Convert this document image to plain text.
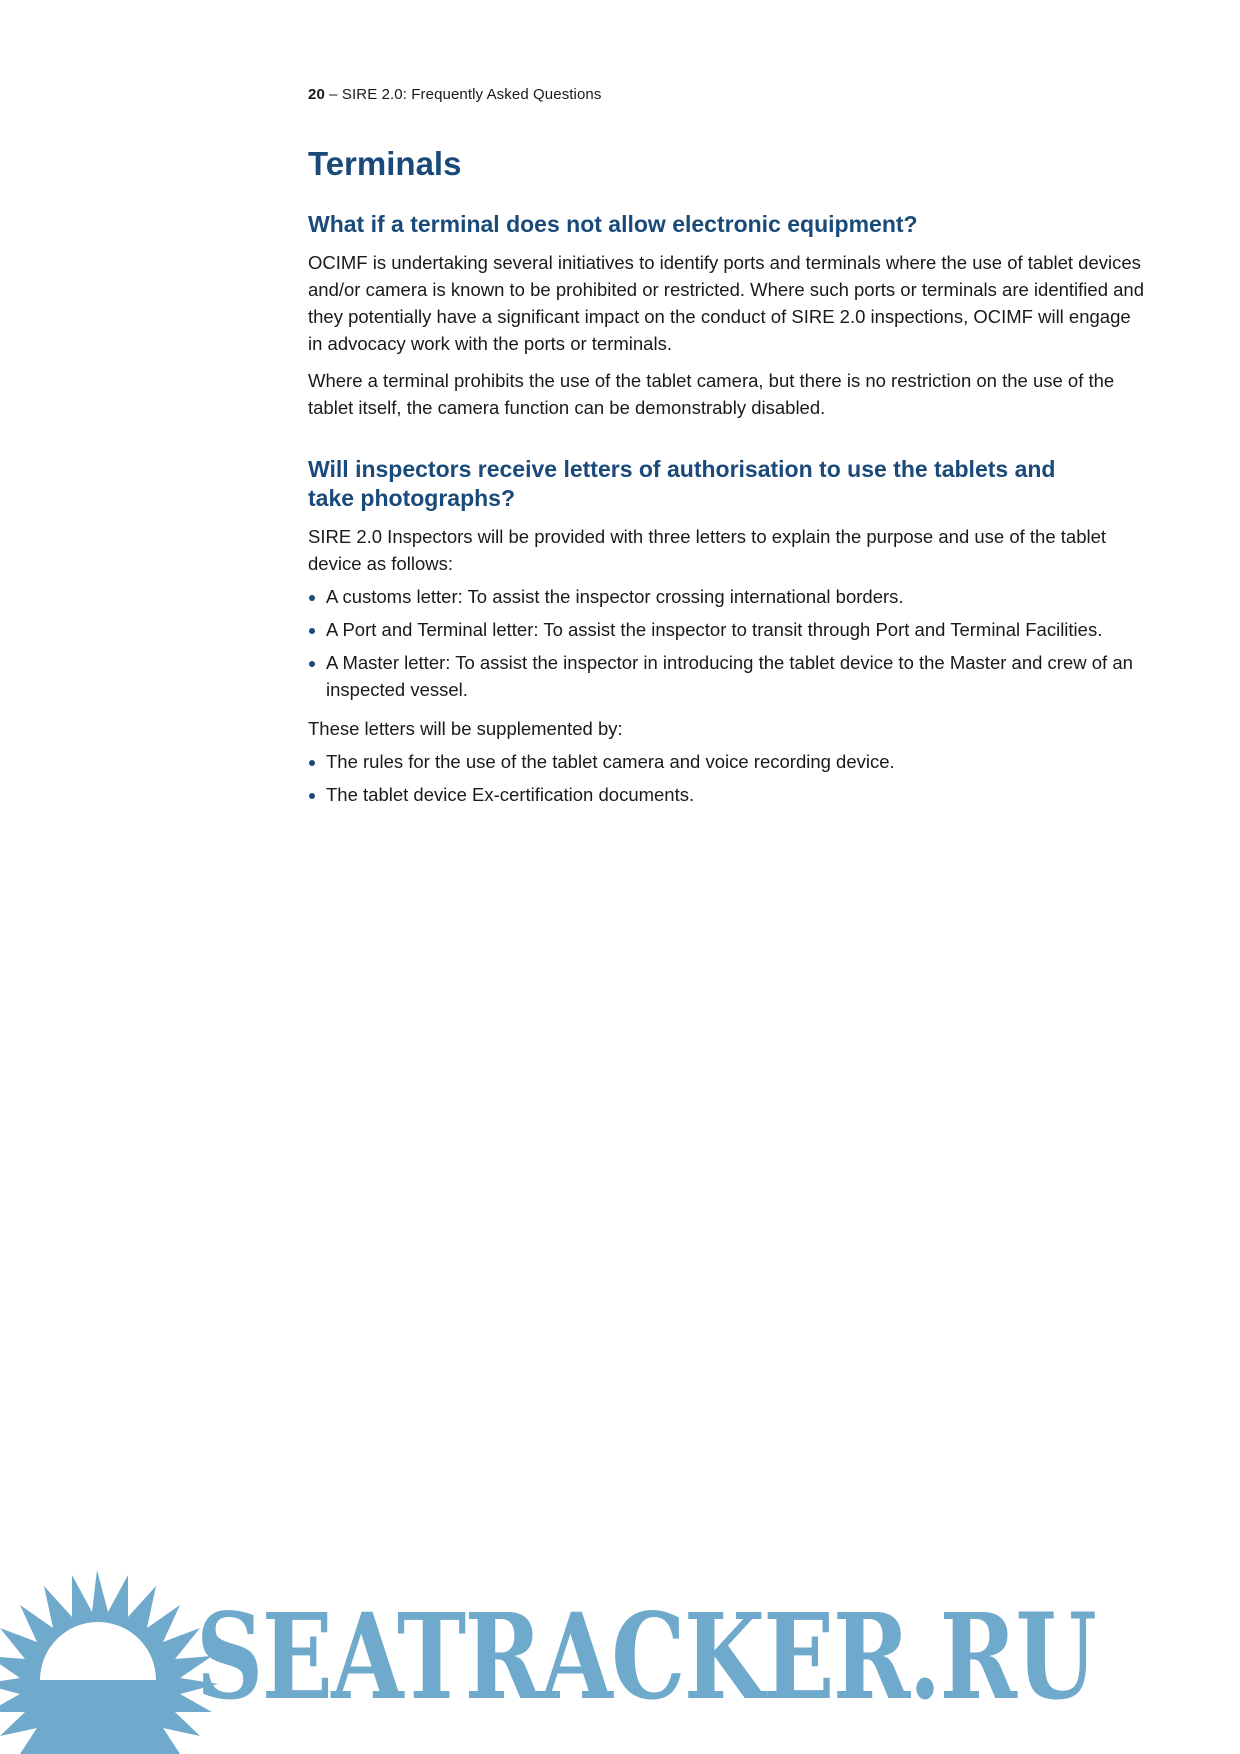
20 – SIRE 2.0: Frequently Asked Questions
Terminals
What if a terminal does not allow electronic equipment?

OCIMF is undertaking several initiatives to identify ports and terminals where the use of tablet devices and/or camera is known to be prohibited or restricted. Where such ports or terminals are identified and they potentially have a significant impact on the conduct of SIRE 2.0 inspections, OCIMF will engage in advocacy work with the ports or terminals.

Where a terminal prohibits the use of the tablet camera, but there is no restriction on the use of the tablet itself, the camera function can be demonstrably disabled.

Will inspectors receive letters of authorisation to use the tablets and
take photographs?

SIRE 2.0 Inspectors will be provided with three letters to explain the purpose and use of the tablet device as follows:

A customs letter: To assist the inspector crossing international borders.
A Port and Terminal letter: To assist the inspector to transit through Port and Terminal Facilities.
A Master letter: To assist the inspector in introducing the tablet device to the Master and crew of an inspected vessel.

These letters will be supplemented by:

The rules for the use of the tablet camera and voice recording device.
The tablet device Ex-certification documents.
SEATRACKER.RU
